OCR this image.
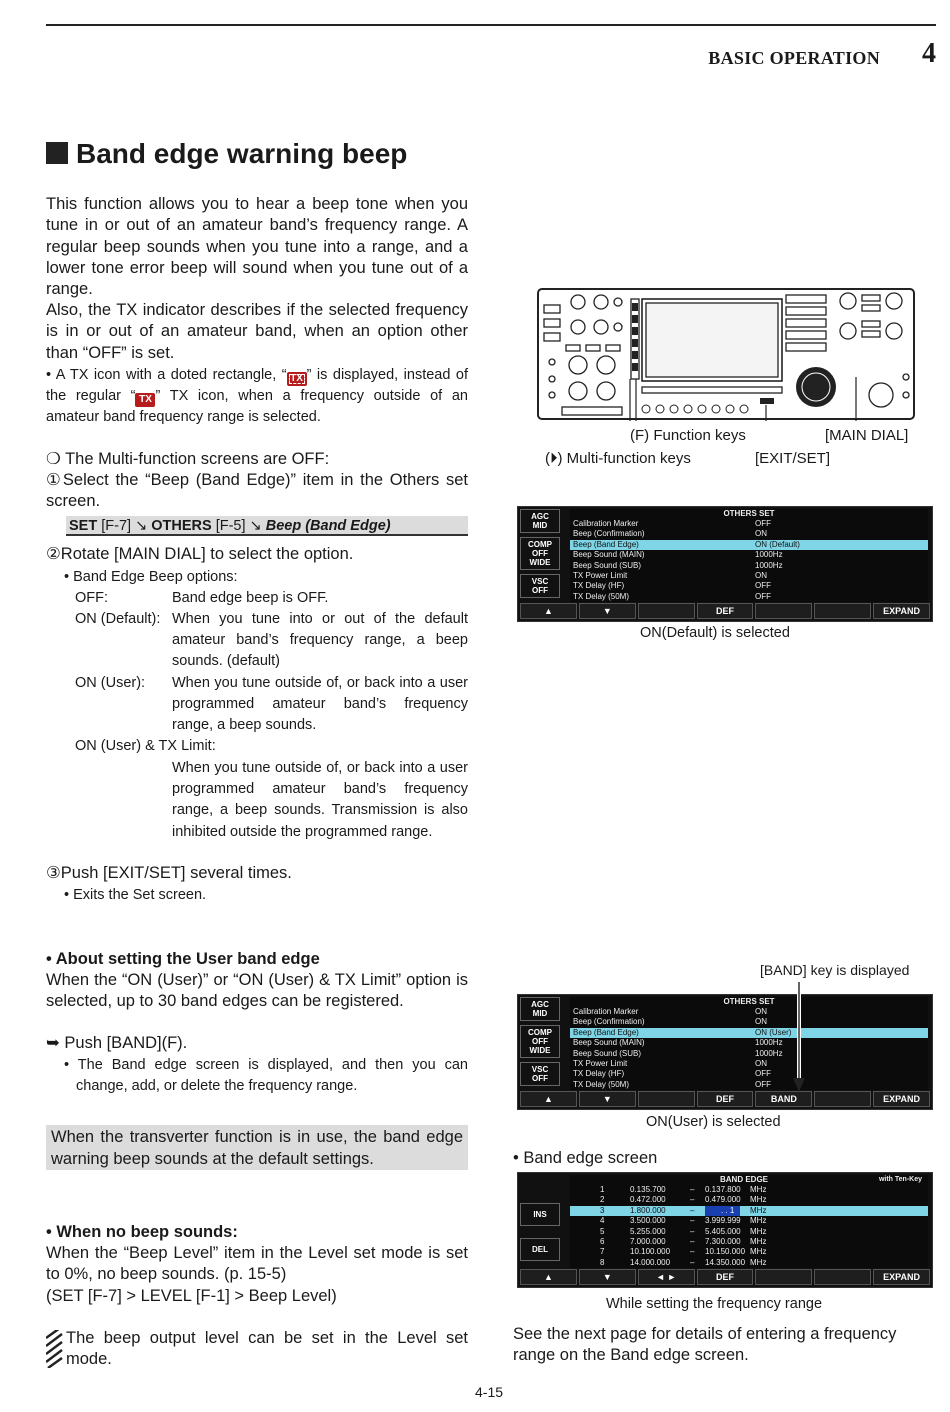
BASIC OPERATION 4
Band edge warning beep
This function allows you to hear a beep tone when you tune in or out of an amateur band’s frequency range. A regular beep sounds when you tune into a range, and a lower tone error beep will sound when you tune out of a range.
Also, the TX indicator describes if the selected frequency is in or out of an amateur band, when an option other than “OFF” is set.
• A TX icon with a doted rectangle, “ TX ” is displayed, instead of the regular “ TX ” TX icon, when a frequency outside of an amateur band frequency range is selected.
❍ The Multi-function screens are OFF:
①Select the “Beep (Band Edge)” item in the Others set screen.
SET [F-7] ↘ OTHERS [F-5] ↘ Beep (Band Edge)
②Rotate [MAIN DIAL] to select the option.
• Band Edge Beep options:
OFF:	Band edge beep is OFF.
ON (Default): When you tune into or out of the default amateur band’s frequency range, a beep sounds. (default)
ON (User): When you tune outside of, or back into a user programmed amateur band’s frequency range, a beep sounds.
ON (User) & TX Limit:
When you tune outside of, or back into a user programmed amateur band’s frequency range, a beep sounds. Transmission is also inhibited outside the programmed range.
③Push [EXIT/SET] several times.
• Exits the Set screen.
• About setting the User band edge
When the “ON (User)” or “ON (User) & TX Limit” option is selected, up to 30 band edges can be registered.
➥ Push [BAND](F).
• The Band edge screen is displayed, and then you can change, add, or delete the frequency range.
When the transverter function is in use, the band edge warning beep sounds at the default settings.
• When no beep sounds:
When the “Beep Level” item in the Level set mode is set to 0%, no beep sounds. (p. 15-5)
(SET [F-7] > LEVEL [F-1] > Beep Level)
The beep output level can be set in the Level set mode.
(F) Function keys	[MAIN DIAL]
(⏵) Multi-function keys	[EXIT/SET]
AGC
MID
COMP
OFF
WIDE
VSC
OFF
OTHERS SET
Calibration Marker	OFF
Beep (Confirmation)	ON
Beep (Band Edge)	ON (Default)
Beep Sound (MAIN)	1000Hz
Beep Sound (SUB)	1000Hz
TX Power Limit	ON
TX Delay (HF)	OFF
TX Delay (50M)	OFF
▲	▼	DEF	EXPAND
ON(Default) is selected
[BAND] key is displayed
AGC
MID
COMP
OFF
WIDE
VSC
OFF
OTHERS SET
Calibration Marker	ON
Beep (Confirmation)	ON
Beep (Band Edge)	ON (User)
Beep Sound (MAIN)	1000Hz
Beep Sound (SUB)	1000Hz
TX Power Limit	ON
TX Delay (HF)	OFF
TX Delay (50M)	OFF
▲	▼	DEF	BAND	EXPAND
ON(User) is selected
• Band edge screen
INS
DEL
BAND EDGE	with Ten-Key
1	0.135.700	– 0.137.800 MHz
2	0.472.000	– 0.479.000 MHz
3	1.800.000	–	. . 1	MHz
4	3.500.000	– 3.999.999 MHz
5	5.255.000	– 5.405.000 MHz
6	7.000.000	– 7.300.000 MHz
7	10.100.000 – 10.150.000 MHz
8	14.000.000 – 14.350.000 MHz
▲	▼	◄ ►	DEF	EXPAND
While setting the frequency range
See the next page for details of entering a frequency range on the Band edge screen.
4-15
